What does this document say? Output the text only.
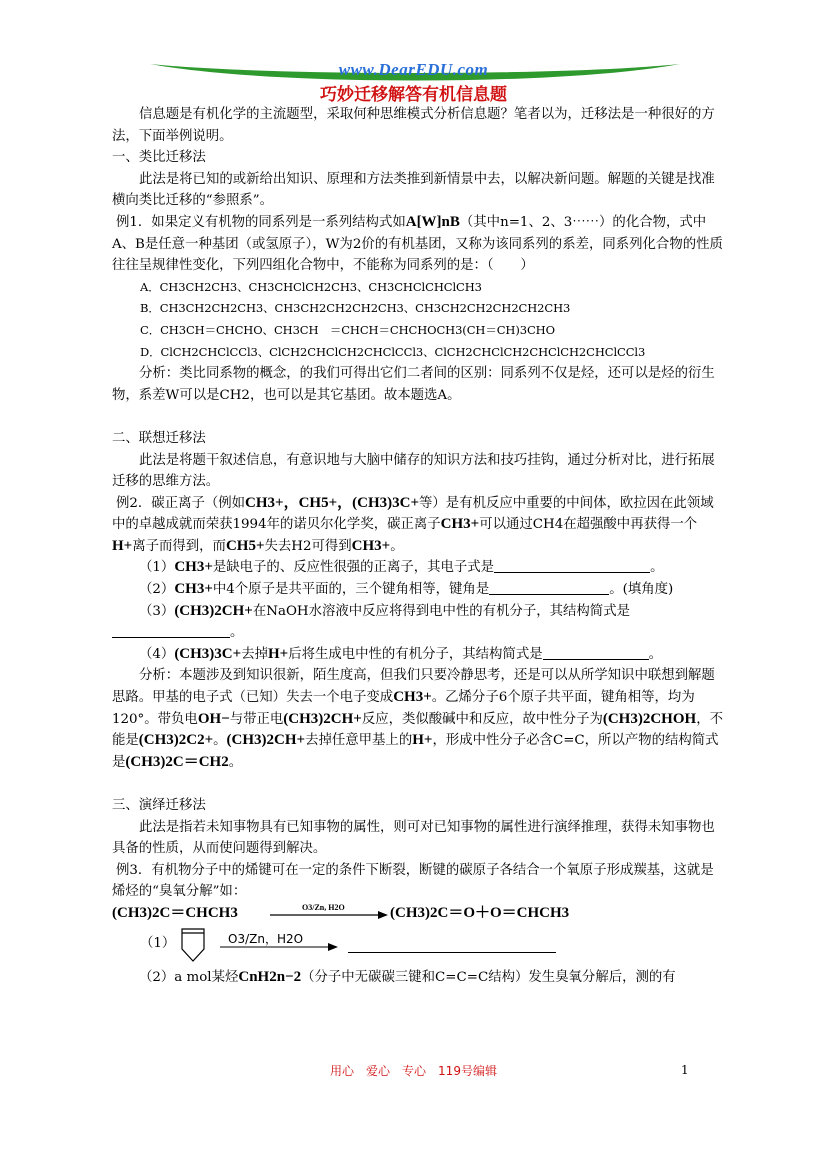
www.DearEDU.com
巧妙迁移解答有机信息题

信息题是有机化学的主流题型，采取何种思维模式分析信息题？笔者以为，迁移法是一种很好的方法，下面举例说明。

一、类比迁移法

此法是将已知的或新给出知识、原理和方法类推到新情景中去，以解决新问题。解题的关键是找准横向类比迁移的“参照系”。

例1．如果定义有机物的同系列是一系列结构式如A[W]nB（其中n=1、2、3⋯⋯）的化合物，式中A、B是任意一种基团（或氢原子），W为2价的有机基团，又称为该同系列的系差，同系列化合物的性质往往呈规律性变化，下列四组化合物中，不能称为同系列的是：（　　）

A．CH3CH2CH3、CH3CHClCH2CH3、CH3CHClCHClCH3

B．CH3CH2CH2CH3、CH3CH2CH2CH2CH3、CH3CH2CH2CH2CH2CH3

C．CH3CH＝CHCHO、CH3CH　＝CHCH＝CHCHOCH3(CH＝CH)3CHO

D．ClCH2CHClCCl3、ClCH2CHClCH2CHClCCl3、ClCH2CHClCH2CHClCH2CHClCCl3

分析：类比同系物的概念，的我们可得出它们二者间的区别：同系列不仅是烃，还可以是烃的衍生物，系差W可以是CH2，也可以是其它基团。故本题选A。

二、联想迁移法

此法是将题干叙述信息，有意识地与大脑中储存的知识方法和技巧挂钩，通过分析对比，进行拓展迁移的思维方法。

例2．碳正离子（例如CH3+，CH5+，(CH3)3C+等）是有机反应中重要的中间体，欧拉因在此领域中的卓越成就而荣获1994年的诺贝尔化学奖，碳正离子CH3+可以通过CH4在超强酸中再获得一个H+离子而得到，而CH5+失去H2可得到CH3+。

（1）CH3+是缺电子的、反应性很强的正离子，其电子式是	。

（2）CH3+中4个原子是共平面的，三个键角相等，键角是	。(填角度)

（3）(CH3)2CH+在NaOH水溶液中反应将得到电中性的有机分子，其结构简式是

。

（4）(CH3)3C+去掉H+后将生成电中性的有机分子，其结构简式是	。

分析：本题涉及到知识很新，陌生度高，但我们只要冷静思考，还是可以从所学知识中联想到解题思路。甲基的电子式（已知）失去一个电子变成CH3+。乙烯分子6个原子共平面，键角相等，均为120°。带负电OH−与带正电(CH3)2CH+反应，类似酸碱中和反应，故中性分子为(CH3)2CHOH，不能是(CH3)2C2+。(CH3)2CH+去掉任意甲基上的H+，形成中性分子必含C=C，所以产物的结构简式是(CH3)2C＝CH2。

三、演绎迁移法

此法是指若未知事物具有已知事物的属性，则可对已知事物的属性进行演绎推理，获得未知事物也具备的性质，从而使问题得到解决。

例3．有机物分子中的烯键可在一定的条件下断裂，断键的碳原子各结合一个氧原子形成羰基，这就是烯烃的“臭氧分解”如：

(CH3)2C＝CHCH3	O3/Zn, H2O	(CH3)2C＝O＋O＝CHCH3
（1）	O3/Zn，H2O

（2）a mol某烃CnH2n−2（分子中无碳碳三键和C=C=C结构）发生臭氧分解后，测的有

用心　爱心　专心　119号编辑	1
